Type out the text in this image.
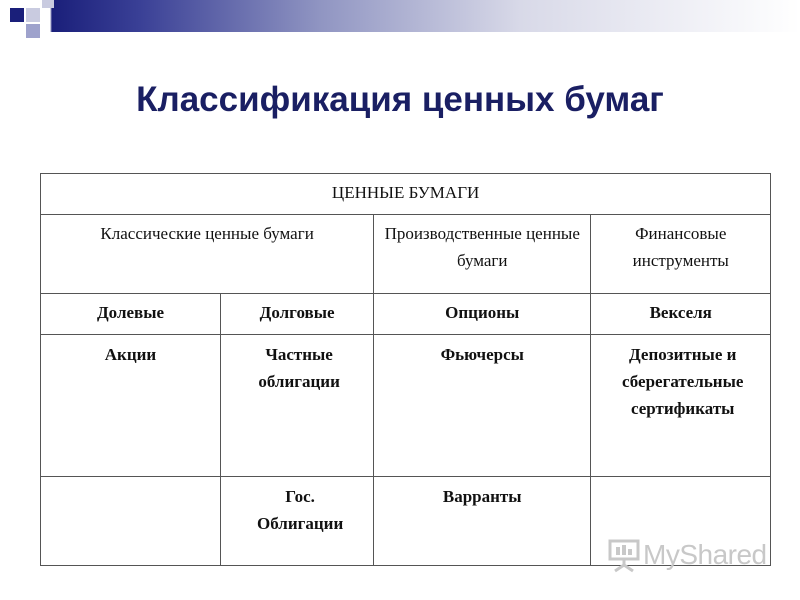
Классификация ценных бумаг
ЦЕННЫЕ БУМАГИ			
Классические ценные бумаги		Производственные ценные бумаги	Финансовые инструменты
Долевые	Долговые	Опционы	Векселя
Акции	Частные облигации	Фьючерсы	Депозитные и сберегательные сертификаты
	Гос. Облигации	Варранты	
MyShared
